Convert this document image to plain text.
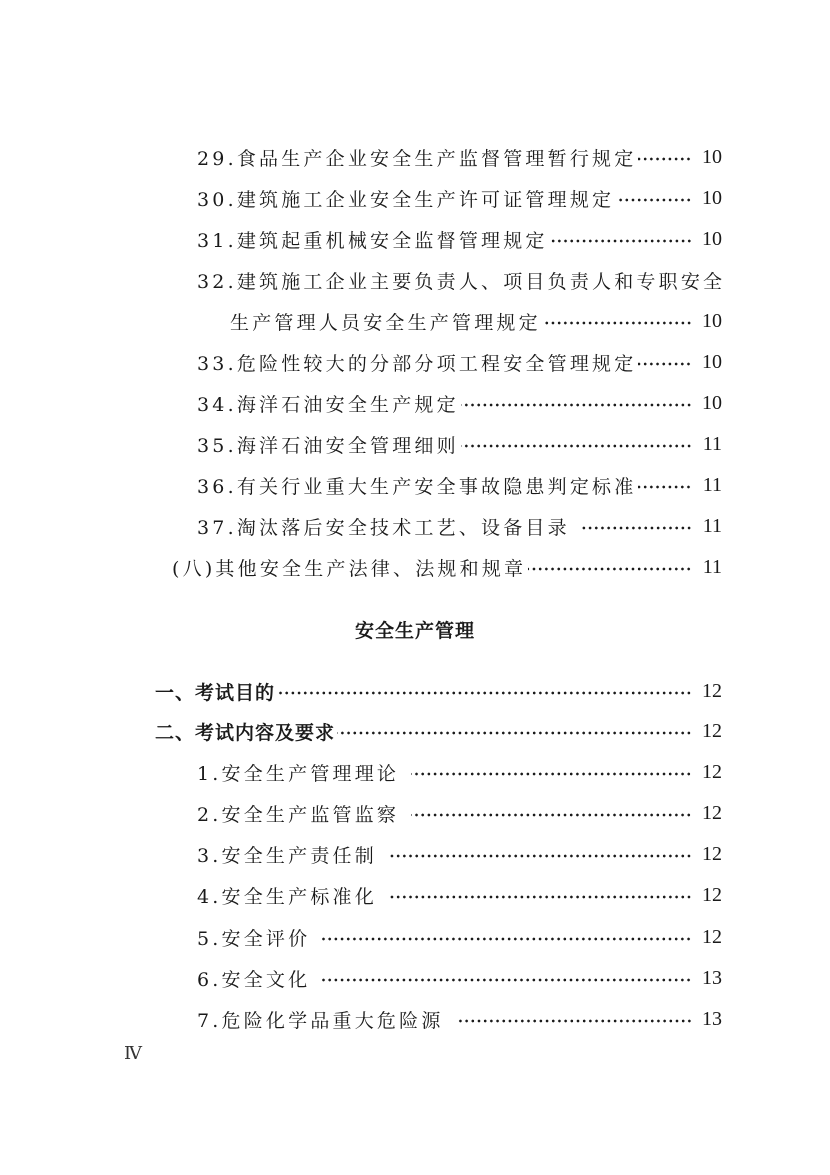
29.食品生产企业安全生产监督管理暂行规定	10
30.建筑施工企业安全生产许可证管理规定	10
31.建筑起重机械安全监督管理规定	10
32.建筑施工企业主要负责人、项目负责人和专职安全
生产管理人员安全生产管理规定	10
33.危险性较大的分部分项工程安全管理规定	10
34.海洋石油安全生产规定	10
35.海洋石油安全管理细则	11
36.有关行业重大生产安全事故隐患判定标准	11
37.淘汰落后安全技术工艺、设备目录	11
(八)其他安全生产法律、法规和规章	11
安全生产管理
一、考试目的	12
二、考试内容及要求	12
1.安全生产管理理论	12
2.安全生产监管监察	12
3.安全生产责任制	12
4.安全生产标准化	12
5.安全评价	12
6.安全文化	13
7.危险化学品重大危险源	13
Ⅳ
